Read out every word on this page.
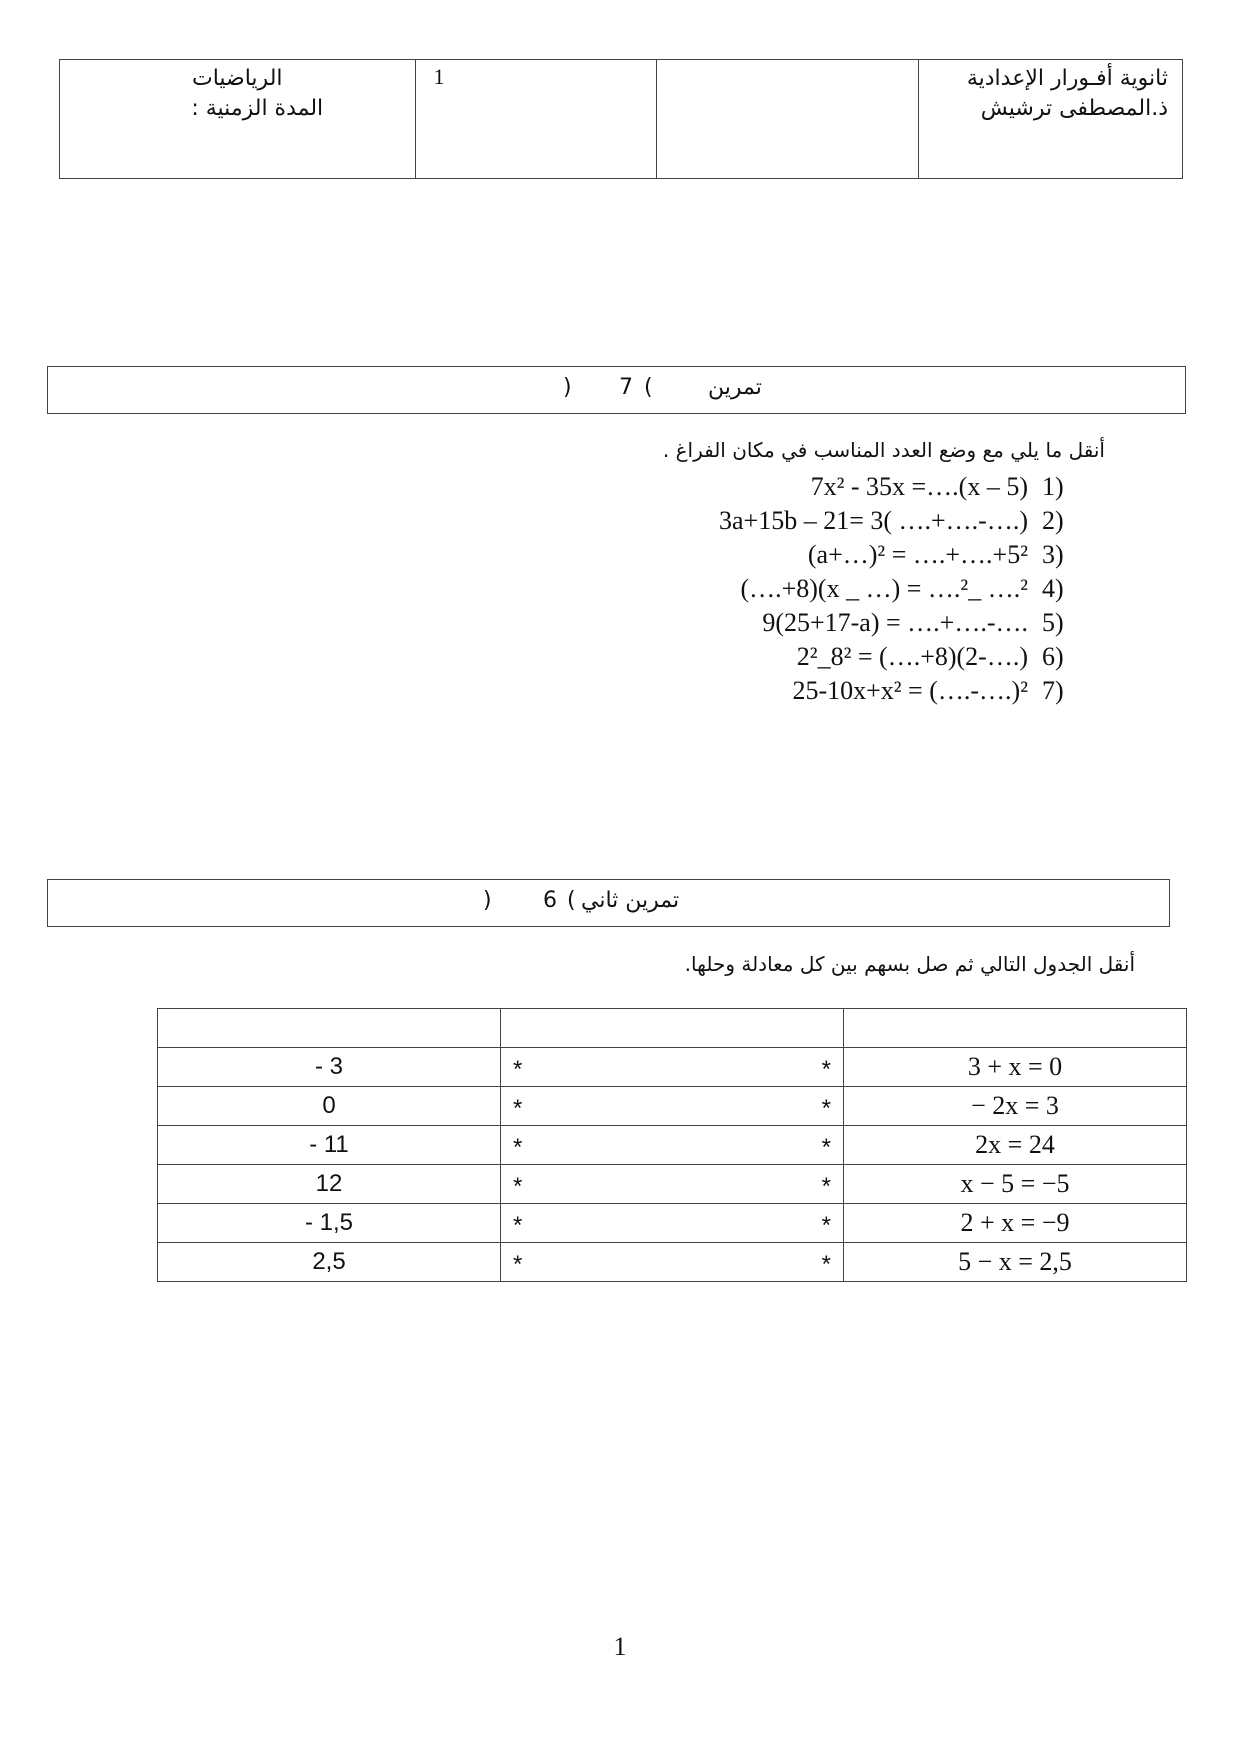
الرياضيات
المدة الزمنية :
	1		ثانوية أفـورار الإعدادية
ذ.المصطفى ترشيش
) 7 (	تمرين
أنقل ما يلي مع وضع العدد المناسب في مكان الفراغ .
7x² - 35x =….(x – 5) 1)
3a+15b – 21= 3( ….+….-….) 2)
(a+…)² = ….+….+5² 3)
(….+8)(x _ …) = ….²_ ….² 4)
9(25+17-a) = ….+….-…. 5)
2²_8² = (….+8)(2-….) 6)
25-10x+x² = (….-….)² 7)
) 6 ( تمرين ثاني
أنقل الجدول التالي ثم صل بسهم بين كل معادلة وحلها.

- 3	* *	3 + x = 0
0	* *	− 2x = 3
- 11	* *	2x = 24
12	* *	x − 5 = −5
- 1,5	* *	2 + x = −9
2,5	* *	5 − x = 2,5
1
